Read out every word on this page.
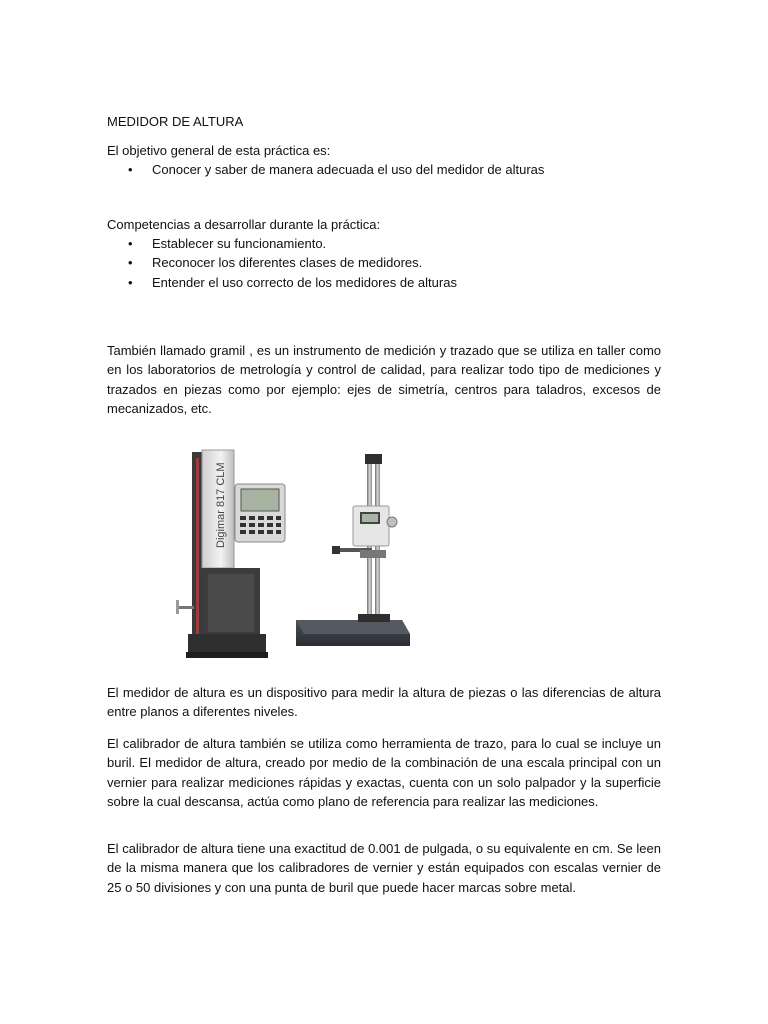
MEDIDOR DE ALTURA
El objetivo general de esta práctica es:
• Conocer y saber de manera adecuada el uso del medidor de alturas
Competencias a desarrollar durante la práctica:
• Establecer su funcionamiento.
• Reconocer los diferentes clases de medidores.
• Entender el uso correcto de los medidores de alturas

También llamado gramil , es un instrumento de medición y trazado que se utiliza en taller como en los laboratorios de metrología y control de calidad, para realizar todo tipo de mediciones y trazados en piezas como por ejemplo: ejes de simetría, centros para taladros, excesos de mecanizados, etc.

El medidor de altura es un dispositivo para medir la altura de piezas o las diferencias de altura entre planos a diferentes niveles.

El calibrador de altura también se utiliza como herramienta de trazo, para lo cual se incluye un buril. El medidor de altura, creado por medio de la combinación de una escala principal con un vernier para realizar mediciones rápidas y exactas, cuenta con un solo palpador y la superficie sobre la cual descansa, actúa como plano de referencia para realizar las mediciones.

El calibrador de altura tiene una exactitud de 0.001 de pulgada, o su equivalente en cm. Se leen de la misma manera que los calibradores de vernier y están equipados con escalas vernier de 25 o 50 divisiones y con una punta de buril que puede hacer marcas sobre metal.

Digimar 817 CLM
